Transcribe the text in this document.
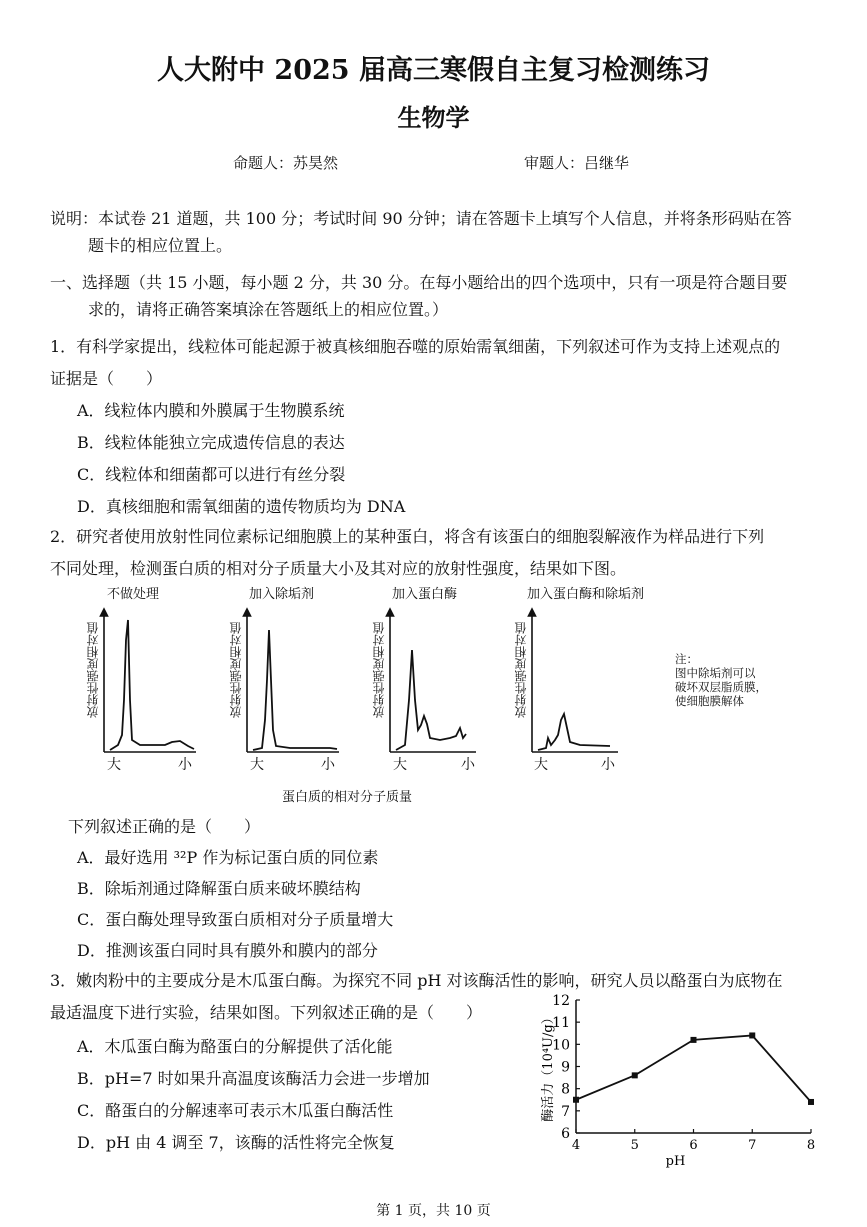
人大附中 2025 届高三寒假自主复习检测练习
生物学
命题人：苏昊然	审题人：吕继华
说明：本试卷 21 道题，共 100 分；考试时间 90 分钟；请在答题卡上填写个人信息，并将条形码贴在答
题卡的相应位置上。
一、选择题（共 15 小题，每小题 2 分，共 30 分。在每小题给出的四个选项中，只有一项是符合题目要
求的，请将正确答案填涂在答题纸上的相应位置。）
1．有科学家提出，线粒体可能起源于被真核细胞吞噬的原始需氧细菌，下列叙述可作为支持上述观点的
证据是（　　）
A．线粒体内膜和外膜属于生物膜系统
B．线粒体能独立完成遗传信息的表达
C．线粒体和细菌都可以进行有丝分裂
D．真核细胞和需氧细菌的遗传物质均为 DNA
2．研究者使用放射性同位素标记细胞膜上的某种蛋白，将含有该蛋白的细胞裂解液作为样品进行下列
不同处理，检测蛋白质的相对分子质量大小及其对应的放射性强度，结果如下图。
不做处理	加入除垢剂	加入蛋白酶	加入蛋白酶和除垢剂
放射性强度相对值	放射性强度相对值	放射性强度相对值	放射性强度相对值
大	小	大	小	大	小	大	小
注：
图中除垢剂可以
破坏双层脂质膜，
使细胞膜解体
蛋白质的相对分子质量
下列叙述正确的是（　　）
A．最好选用 ³²P 作为标记蛋白质的同位素
B．除垢剂通过降解蛋白质来破坏膜结构
C．蛋白酶处理导致蛋白质相对分子质量增大
D．推测该蛋白同时具有膜外和膜内的部分
3．嫩肉粉中的主要成分是木瓜蛋白酶。为探究不同 pH 对该酶活性的影响，研究人员以酪蛋白为底物在
最适温度下进行实验，结果如图。下列叙述正确的是（　　）
A．木瓜蛋白酶为酪蛋白的分解提供了活化能
B．pH=7 时如果升高温度该酶活力会进一步增加
C．酪蛋白的分解速率可表示木瓜蛋白酶活性
D．pH 由 4 调至 7，该酶的活性将完全恢复	6
7
8
9
10
11
12
4	5	6	7	8
pH
酶活力（10⁴U/g）
第 1 页，共 10 页
